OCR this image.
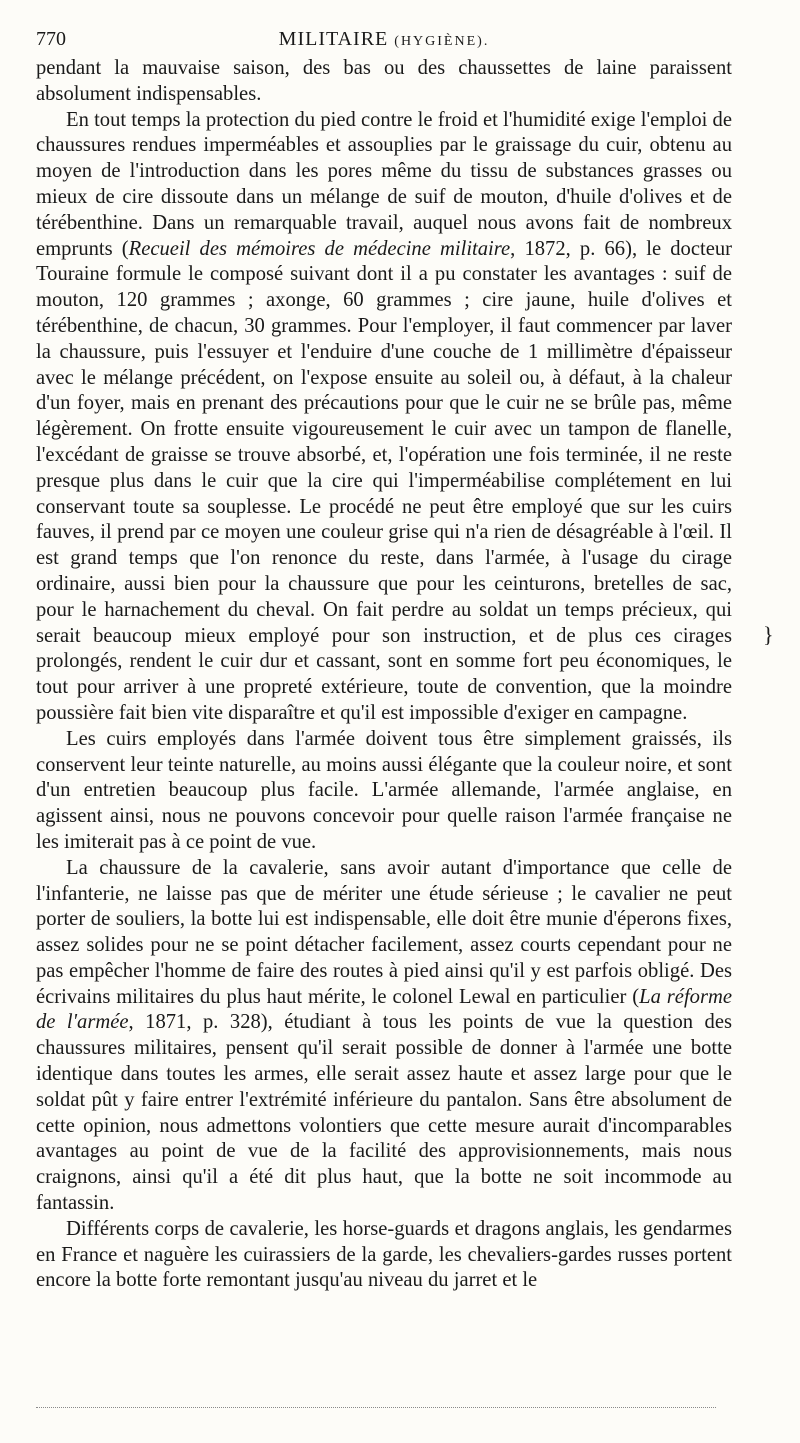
770	MILITAIRE (HYGIÈNE).

pendant la mauvaise saison, des bas ou des chaussettes de laine paraissent absolument indispensables.

En tout temps la protection du pied contre le froid et l'humidité exige l'emploi de chaussures rendues imperméables et assouplies par le graissage du cuir, obtenu au moyen de l'introduction dans les pores même du tissu de substances grasses ou mieux de cire dissoute dans un mélange de suif de mouton, d'huile d'olives et de térébenthine. Dans un remarquable travail, auquel nous avons fait de nombreux emprunts (Recueil des mémoires de médecine militaire, 1872, p. 66), le docteur Touraine formule le composé suivant dont il a pu constater les avantages : suif de mouton, 120 grammes ; axonge, 60 grammes ; cire jaune, huile d'olives et térébenthine, de chacun, 30 grammes. Pour l'employer, il faut commencer par laver la chaussure, puis l'essuyer et l'enduire d'une couche de 1 millimètre d'épaisseur avec le mélange précédent, on l'expose ensuite au soleil ou, à défaut, à la chaleur d'un foyer, mais en prenant des précautions pour que le cuir ne se brûle pas, même légèrement. On frotte ensuite vigoureusement le cuir avec un tampon de flanelle, l'excédant de graisse se trouve absorbé, et, l'opération une fois terminée, il ne reste presque plus dans le cuir que la cire qui l'imperméabilise complétement en lui conservant toute sa souplesse. Le procédé ne peut être employé que sur les cuirs fauves, il prend par ce moyen une couleur grise qui n'a rien de désagréable à l'œil. Il est grand temps que l'on renonce du reste, dans l'armée, à l'usage du cirage ordinaire, aussi bien pour la chaussure que pour les ceinturons, bretelles de sac, pour le harnachement du cheval. On fait perdre au soldat un temps précieux, qui serait beaucoup mieux employé pour son instruction, et de plus ces cirages prolongés, rendent le cuir dur et cassant, sont en somme fort peu économiques, le tout pour arriver à une propreté extérieure, toute de convention, que la moindre poussière fait bien vite disparaître et qu'il est impossible d'exiger en campagne.

Les cuirs employés dans l'armée doivent tous être simplement graissés, ils conservent leur teinte naturelle, au moins aussi élégante que la couleur noire, et sont d'un entretien beaucoup plus facile. L'armée allemande, l'armée anglaise, en agissent ainsi, nous ne pouvons concevoir pour quelle raison l'armée française ne les imiterait pas à ce point de vue.

La chaussure de la cavalerie, sans avoir autant d'importance que celle de l'infanterie, ne laisse pas que de mériter une étude sérieuse ; le cavalier ne peut porter de souliers, la botte lui est indispensable, elle doit être munie d'éperons fixes, assez solides pour ne se point détacher facilement, assez courts cependant pour ne pas empêcher l'homme de faire des routes à pied ainsi qu'il y est parfois obligé. Des écrivains militaires du plus haut mérite, le colonel Lewal en particulier (La réforme de l'armée, 1871, p. 328), étudiant à tous les points de vue la question des chaussures militaires, pensent qu'il serait possible de donner à l'armée une botte identique dans toutes les armes, elle serait assez haute et assez large pour que le soldat pût y faire entrer l'extrémité inférieure du pantalon. Sans être absolument de cette opinion, nous admettons volontiers que cette mesure aurait d'incomparables avantages au point de vue de la facilité des approvisionnements, mais nous craignons, ainsi qu'il a été dit plus haut, que la botte ne soit incommode au fantassin.

Différents corps de cavalerie, les horse-guards et dragons anglais, les gendarmes en France et naguère les cuirassiers de la garde, les chevaliers-gardes russes portent encore la botte forte remontant jusqu'au niveau du jarret et le

}
